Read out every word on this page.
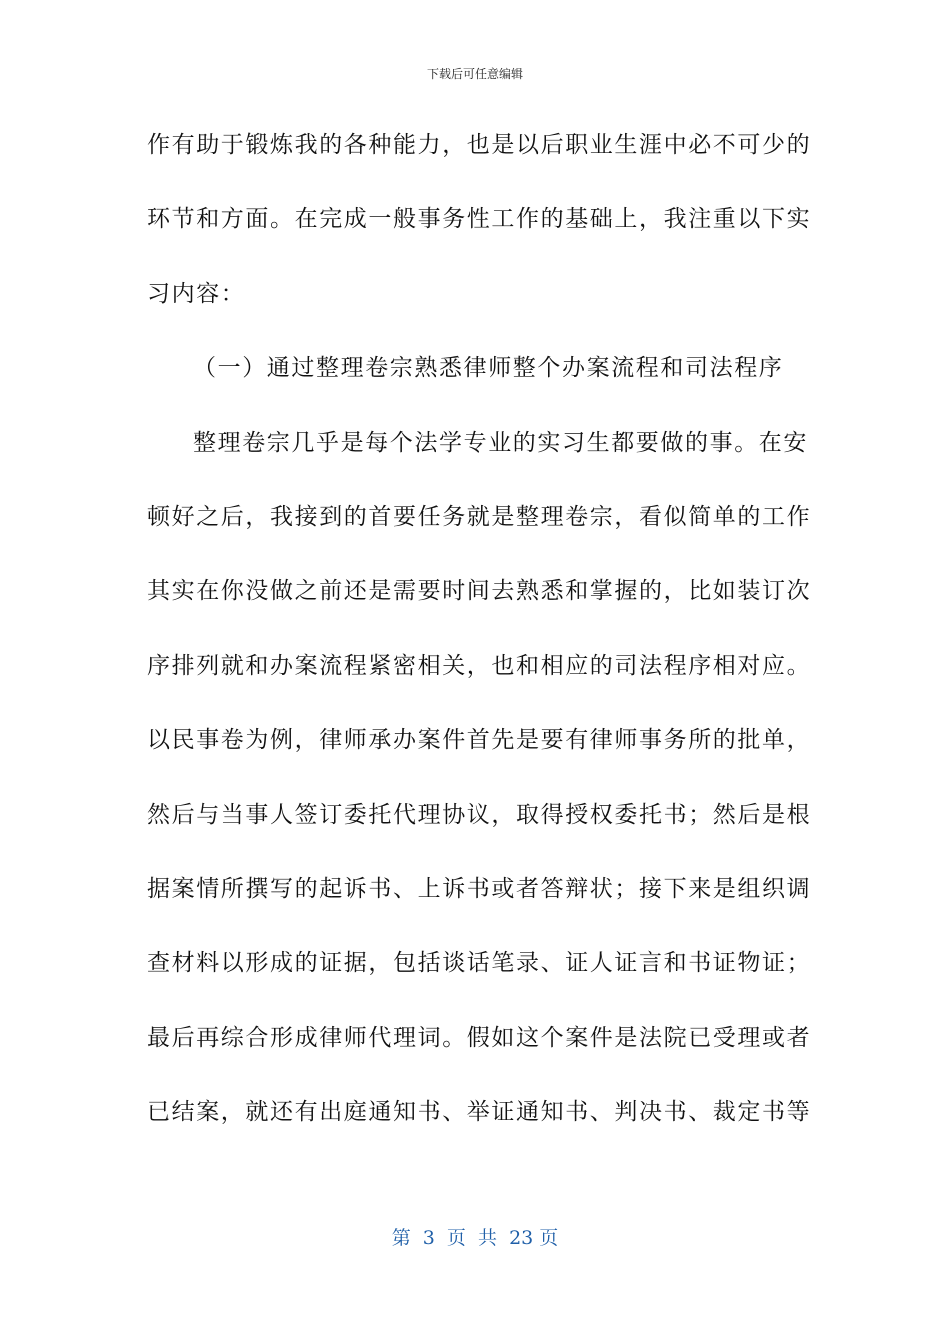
下载后可任意编辑
作有助于锻炼我的各种能力，也是以后职业生涯中必不可少的
环节和方面。在完成一般事务性工作的基础上，我注重以下实
习内容：
（一）通过整理卷宗熟悉律师整个办案流程和司法程序
整理卷宗几乎是每个法学专业的实习生都要做的事。在安
顿好之后，我接到的首要任务就是整理卷宗，看似简单的工作
其实在你没做之前还是需要时间去熟悉和掌握的，比如装订次
序排列就和办案流程紧密相关，也和相应的司法程序相对应。
以民事卷为例，律师承办案件首先是要有律师事务所的批单，
然后与当事人签订委托代理协议，取得授权委托书；然后是根
据案情所撰写的起诉书、上诉书或者答辩状；接下来是组织调
查材料以形成的证据，包括谈话笔录、证人证言和书证物证；
最后再综合形成律师代理词。假如这个案件是法院已受理或者
已结案，就还有出庭通知书、举证通知书、判决书、裁定书等
第  3  页  共  23 页
